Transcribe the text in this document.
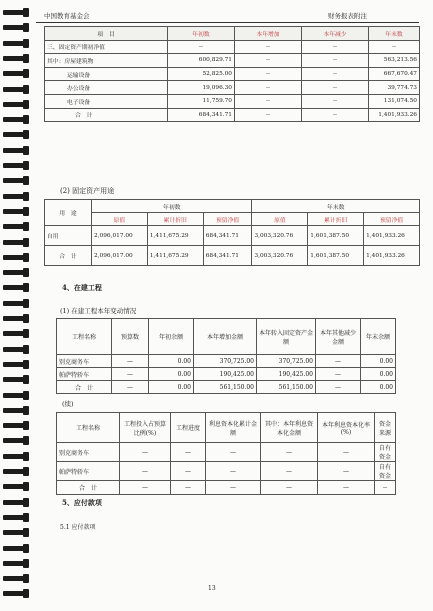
中国教育基金会	财务报表附注
项　目	年初数	本年增加	本年减少	年末数
三、固定资产期初净值	--	--	--	--
其中：房屋建筑物	600,829.71	--	--	563,213.56
运输设备	52,825.00	--	--	667,670.47
办公设备	19,096.30	--	--	39,774.73
电子设备	11,759.70	--	--	131,074.50
合　计	684,341.71	--	--	1,401,933.26
(2) 固定资产用途
用　途	年初数			年末数		
	原值	累计折旧	预留净值	原值	累计折旧	预留净值
自用	2,096,017.00	1,411,675.29	684,341.71	3,003,320.76	1,601,387.50	1,401,933.26
合　计	2,096,017.00	1,411,675.29	684,341.71	3,003,320.76	1,601,387.50	1,401,933.26
4、在建工程
(1) 在建工程本年变动情况
工程名称	预算数	年初余额	本年增加金额	本年转入固定资产金额	本年其他减少金额	年末余额
别克商务车	—	0.00	370,725.00	370,725.00	—	0.00
帕萨特轿车	—	0.00	190,425.00	190,425.00	—	0.00
合　计	—	0.00	561,150.00	561,150.00	—	0.00
(续)
工程名称	工程投入占预算比例(%)	工程进度	利息资本化累计金额	其中：本年利息资本化金额	本年利息资本化率(%)	资金来源
别克商务车	—	—	—	—	—	自有资金
帕萨特轿车	—	—	—	—	—	自有资金
合　计	—	—	—	—	—	--
5、应付款项
5.1 应付款项
13
